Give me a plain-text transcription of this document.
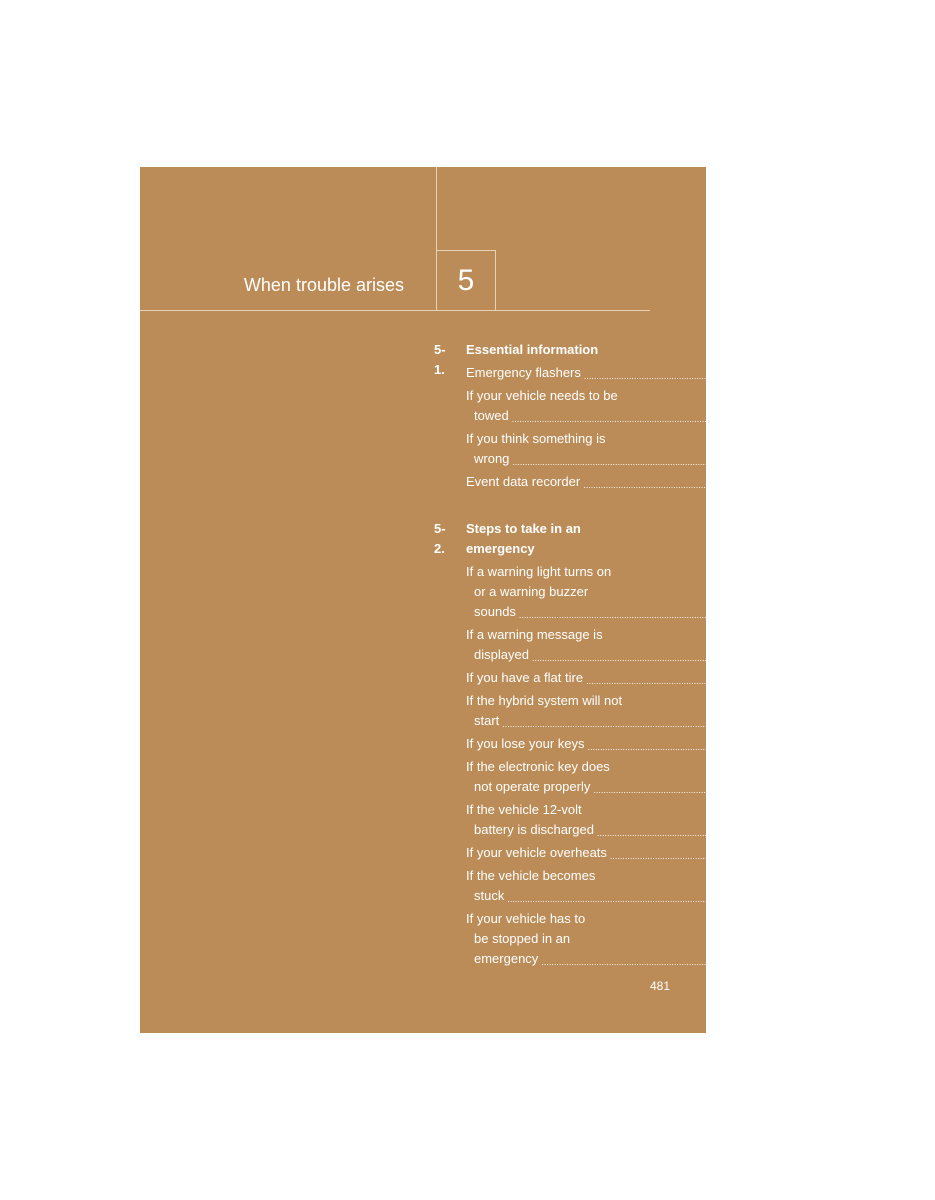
5
When trouble arises
5-1.
Essential information
Emergency flashers ........................................................................................................................ 482
If your vehicle needs to be
towed ........................................................................................................................ 483
If you think something is
wrong ........................................................................................................................ 489
Event data recorder ........................................................................................................................ 490
5-2.
Steps to take in an emergency
If a warning light turns on
or a warning buzzer
sounds ........................................................................................................................ 492
If a warning message is
displayed ........................................................................................................................ 501
If you have a flat tire ........................................................................................................................ 521
If the hybrid system will not
start ........................................................................................................................ 530
If you lose your keys ........................................................................................................................ 532
If the electronic key does
not operate properly ........................................................................................................................ 533
If the vehicle 12-volt
battery is discharged ........................................................................................................................ 536
If your vehicle overheats ........................................................................................................................ 541
If the vehicle becomes
stuck ........................................................................................................................ 545
If your vehicle has to
be stopped in an
emergency ........................................................................................................................ 547
481
